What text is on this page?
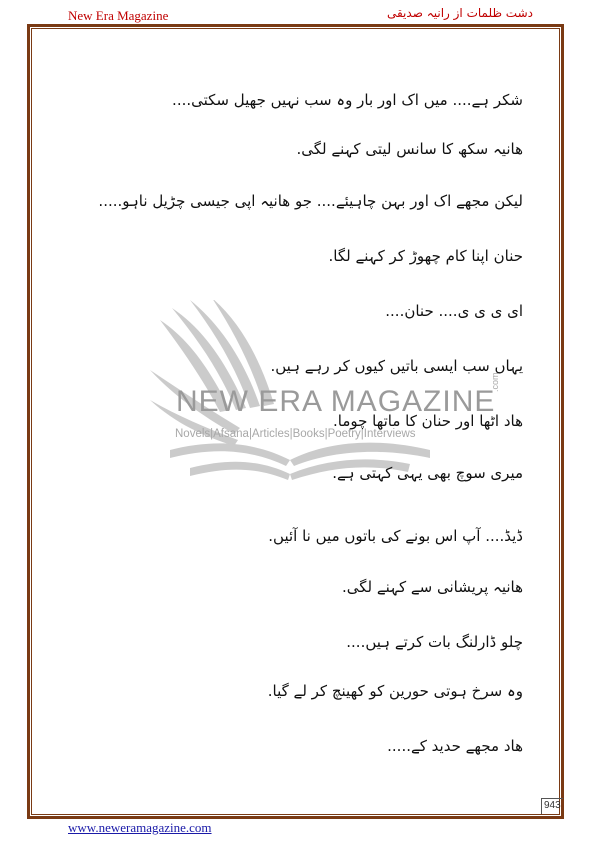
New Era Magazine	دشت ظلمات از رانیہ صدیقی
NEW ERA MAGAZINE
Novels|Afsana|Articles|Books|Poetry|Interviews
.com
شکر ہے.... میں اک اور بار وہ سب نہیں جھیل سکتی....
ھانیہ سکھ کا سانس لیتی کہنے لگی.
لیکن مجھے اک اور بہن چاہیئے.... جو ھانیہ اپی جیسی چڑیل ناہو.....
حنان اپنا کام چھوڑ کر کہنے لگا.
ای ی ی ی.... حنان....
یہاں سب ایسی باتیں کیوں کر رہے ہیں.
ھاد اٹھا اور حنان کا ماتھا چوما.
میری سوچ بھی یہی کہتی ہے.
ڈیڈ.... آپ اس بونے کی باتوں میں نا آئیں.
ھانیہ پریشانی سے کہنے لگی.
چلو ڈارلنگ بات کرتے ہیں....
وہ سرخ ہوتی حورین کو کھینچ کر لے گیا.
ھاد مجھے حدید کے.....
943
www.neweramagazine.com
